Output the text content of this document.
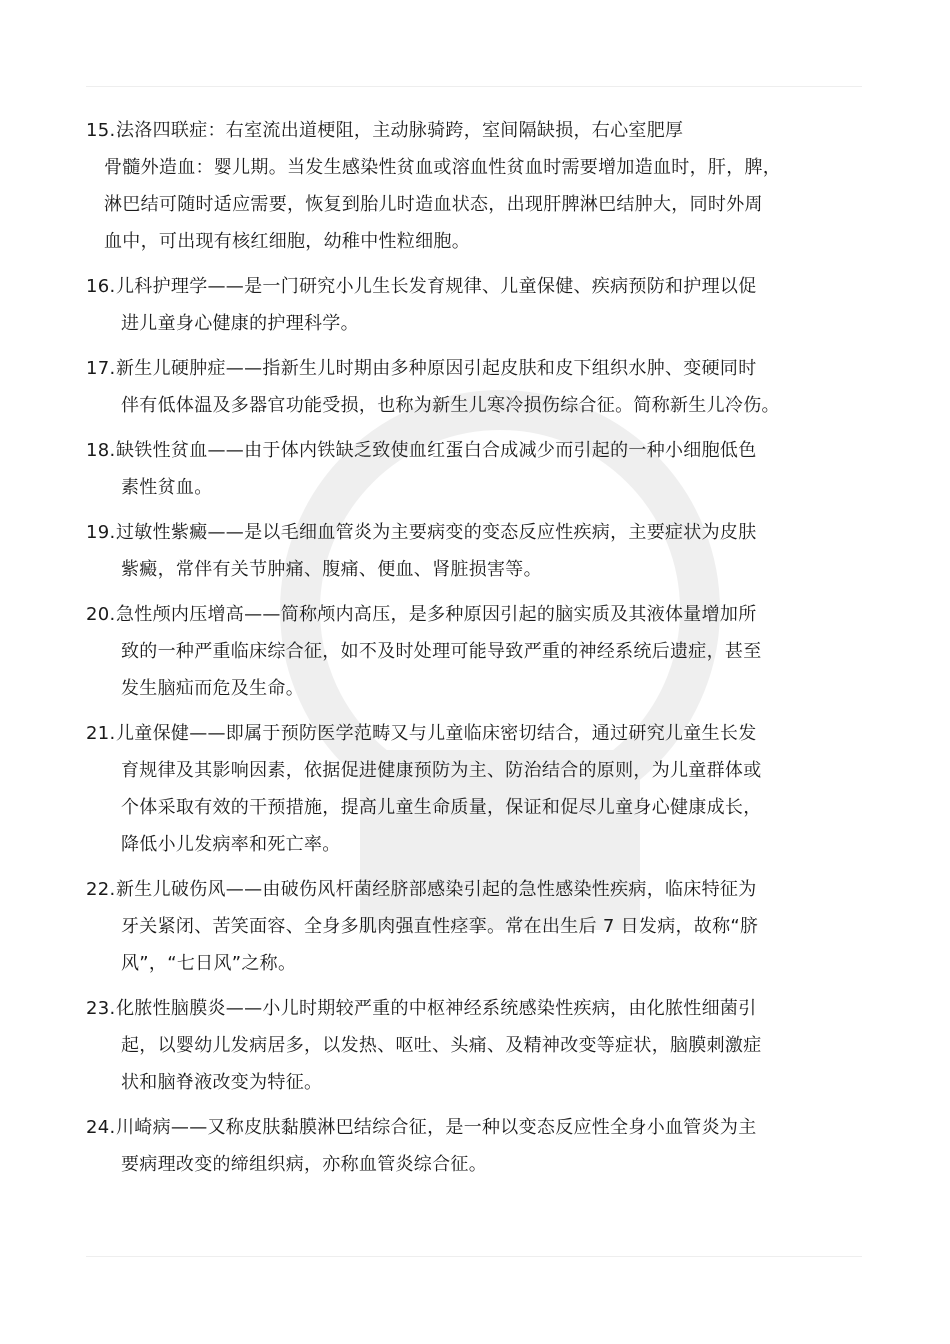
15.法洛四联症：右室流出道梗阻，主动脉骑跨，室间隔缺损，右心室肥厚
骨髓外造血：婴儿期。当发生感染性贫血或溶血性贫血时需要增加造血时，肝，脾，
淋巴结可随时适应需要，恢复到胎儿时造血状态，出现肝脾淋巴结肿大，同时外周
血中，可出现有核红细胞，幼稚中性粒细胞。
16.儿科护理学——是一门研究小儿生长发育规律、儿童保健、疾病预防和护理以促
进儿童身心健康的护理科学。
17.新生儿硬肿症——指新生儿时期由多种原因引起皮肤和皮下组织水肿、变硬同时
伴有低体温及多器官功能受损，也称为新生儿寒冷损伤综合征。简称新生儿冷伤。
18.缺铁性贫血——由于体内铁缺乏致使血红蛋白合成减少而引起的一种小细胞低色
素性贫血。
19.过敏性紫癜——是以毛细血管炎为主要病变的变态反应性疾病，主要症状为皮肤
紫癜，常伴有关节肿痛、腹痛、便血、肾脏损害等。
20.急性颅内压增高——简称颅内高压，是多种原因引起的脑实质及其液体量增加所
致的一种严重临床综合征，如不及时处理可能导致严重的神经系统后遗症，甚至
发生脑疝而危及生命。
21.儿童保健——即属于预防医学范畴又与儿童临床密切结合，通过研究儿童生长发
育规律及其影响因素，依据促进健康预防为主、防治结合的原则，为儿童群体或
个体采取有效的干预措施，提高儿童生命质量，保证和促尽儿童身心健康成长，
降低小儿发病率和死亡率。
22.新生儿破伤风——由破伤风杆菌经脐部感染引起的急性感染性疾病，临床特征为
牙关紧闭、苦笑面容、全身多肌肉强直性痉挛。常在出生后 7 日发病，故称“脐
风”，“七日风”之称。
23.化脓性脑膜炎——小儿时期较严重的中枢神经系统感染性疾病，由化脓性细菌引
起，以婴幼儿发病居多，以发热、呕吐、头痛、及精神改变等症状，脑膜刺激症
状和脑脊液改变为特征。
24.川崎病——又称皮肤黏膜淋巴结综合征，是一种以变态反应性全身小血管炎为主
要病理改变的缔组织病，亦称血管炎综合征。
